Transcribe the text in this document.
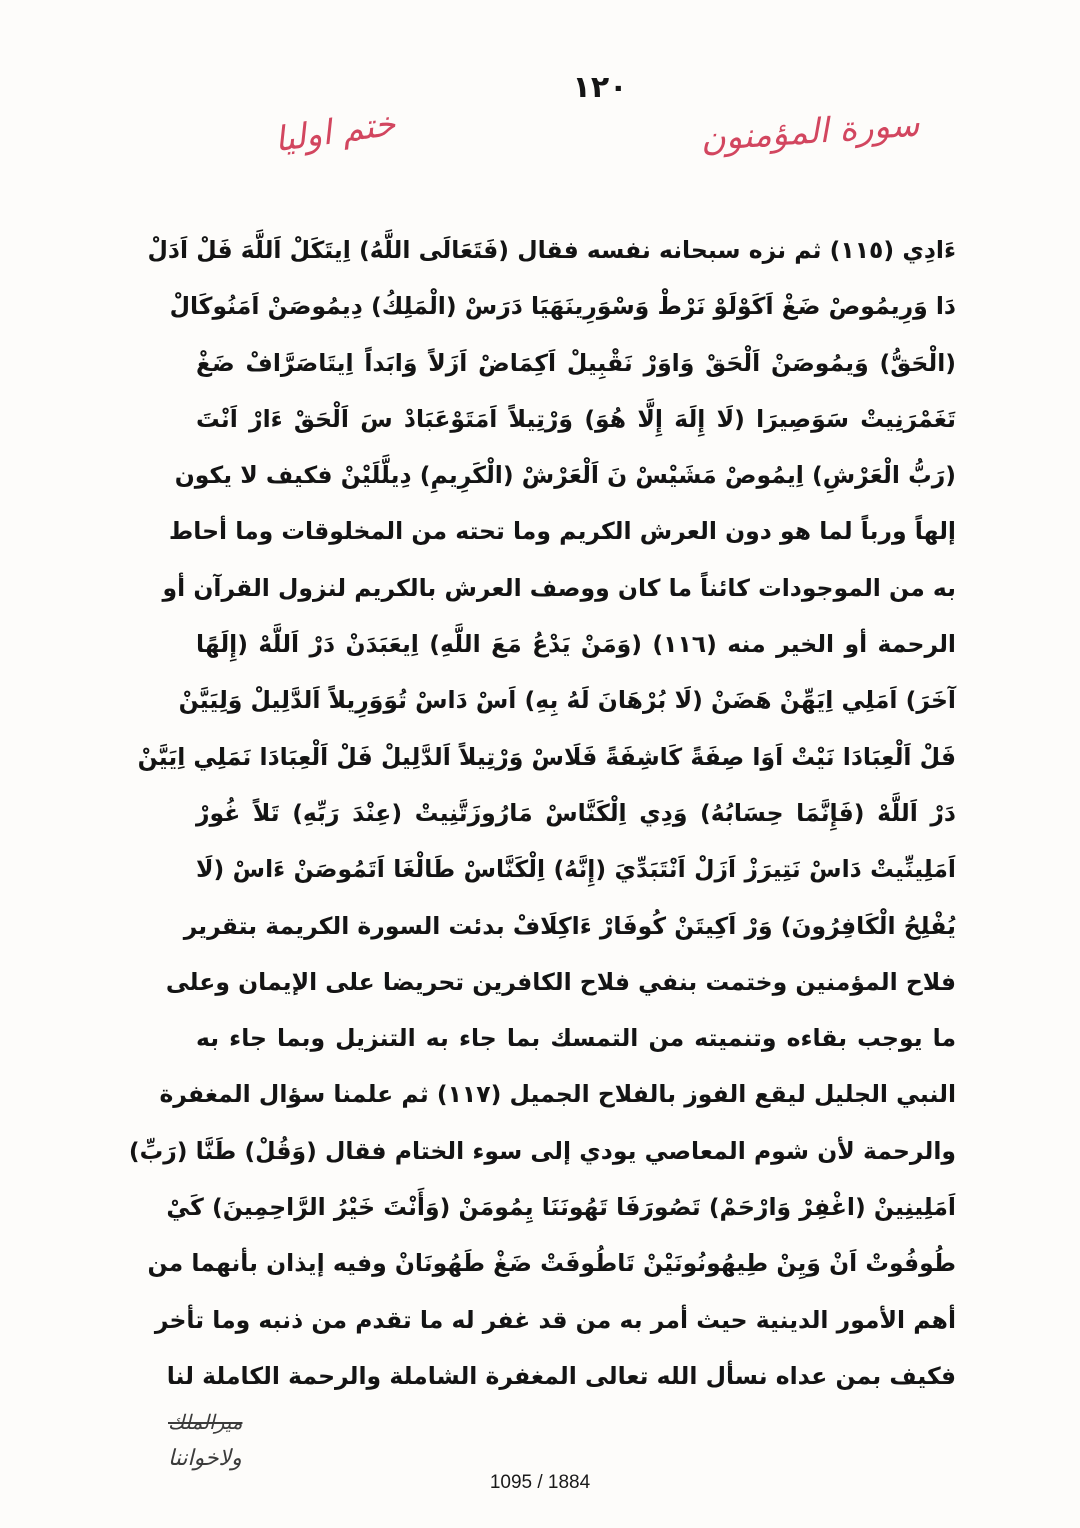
١٢٠
سورة المؤمنون
ختم اوليا
ءَادِي (١١٥) ثم نزه سبحانه نفسه فقال (فَتَعَالَى اللَّهُ) اِيتَكَلْ اَللَّهَ فَلْ اَدَلْ
دَا وَرِيمُوصْ ضَغْ اَكَوْلَوْ نَرْطْ وَسْوَرِينَهَيَا دَرَسْ (الْمَلِكُ) دِيمُوصَنْ اَمَنُوكَالْ
(الْحَقُّ) وَيمُوصَنْ اَلْحَقْ وَاوَرْ نَقْبِيلْ اَكِمَاضْ اَزَلاً وَابَداً اِيتَاصَرَّافْ ضَغْ
تَغَمْرَنِيتْ سَوَصِيرَا (لَا إِلَهَ إِلَّا هُوَ) وَرْتِيلاً اَمَتَوْعَبَادْ سَ اَلْحَقْ ءَارْ اَنْتَ
(رَبُّ الْعَرْشِ) اِيمُوصْ مَشَيْسْ نَ اَلْعَرْشْ (الْكَرِيمِ) دِيلَّلَيْنْ فكيف لا يكون
إلهاً ورباً لما هو دون العرش الكريم وما تحته من المخلوقات وما أحاط
به من الموجودات كائناً ما كان ووصف العرش بالكريم لنزول القرآن أو
الرحمة أو الخير منه (١١٦) (وَمَنْ يَدْعُ مَعَ اللَّهِ) اِيعَبَدَنْ دَرْ اَللَّهْ (إِلَهًا
آخَرَ) اَمَلِي اِيَهِّنْ هَضَنْ (لَا بُرْهَانَ لَهُ بِهِ) اَسْ دَاسْ تُوَوَرِيلاً اَلدَّلِيلْ وَلِيَيَّنْ
فَلْ اَلْعِبَادَا نَيْتْ اَوَا صِفَةً كَاشِفَةً فَلَاسْ وَرْتِيلاً اَلدَّلِيلْ فَلْ اَلْعِبَادَا نَمَلِي اِيَيَّنْ
دَرْ اَللَّهْ (فَإِنَّمَا حِسَابُهُ) وَدِي اِلْكَنَّاسْ مَارُوزَتَّنِيتْ (عِنْدَ رَبِّهِ) تَلاً غُورْ
اَمَلِينِّيتْ دَاسْ نَتِيرَزْ اَزَلْ اَنْتَبَدِّيَ (إِنَّهُ) اِلْكَنَّاسْ طَالْغَا اَتَمُوصَنْ ءَاسْ (لَا
يُفْلِحُ الْكَافِرُونَ) وَرْ اَكِيتَنْ كُوفَارْ ءَاكِلَافْ بدئت السورة الكريمة بتقرير
فلاح المؤمنين وختمت بنفي فلاح الكافرين تحريضا على الإيمان وعلى
ما يوجب بقاءه وتنميته من التمسك بما جاء به التنزيل وبما جاء به
النبي الجليل ليقع الفوز بالفلاح الجميل (١١٧) ثم علمنا سؤال المغفرة
والرحمة لأن شوم المعاصي يودي إلى سوء الختام فقال (وَقُلْ) طَنَّا (رَبِّ)
اَمَلِينِينْ (اغْفِرْ وَارْحَمْ) تَصُورَفَا تَهُونَنَا يِمُومَنْ (وَأَنْتَ خَيْرُ الرَّاحِمِينَ) كَيْ
طُوفُوتْ اَنْ وَيِنْ طِيهُونُونَيْنْ تَاطُوفَتْ ضَغْ طَهُونَانْ وفيه إيذان بأنهما من
أهم الأمور الدينية حيث أمر به من قد غفر له ما تقدم من ذنبه وما تأخر
فكيف بمن عداه نسأل الله تعالى المغفرة الشاملة والرحمة الكاملة لنا
ميرالملك
ولاخواننا
1095 / 1884
